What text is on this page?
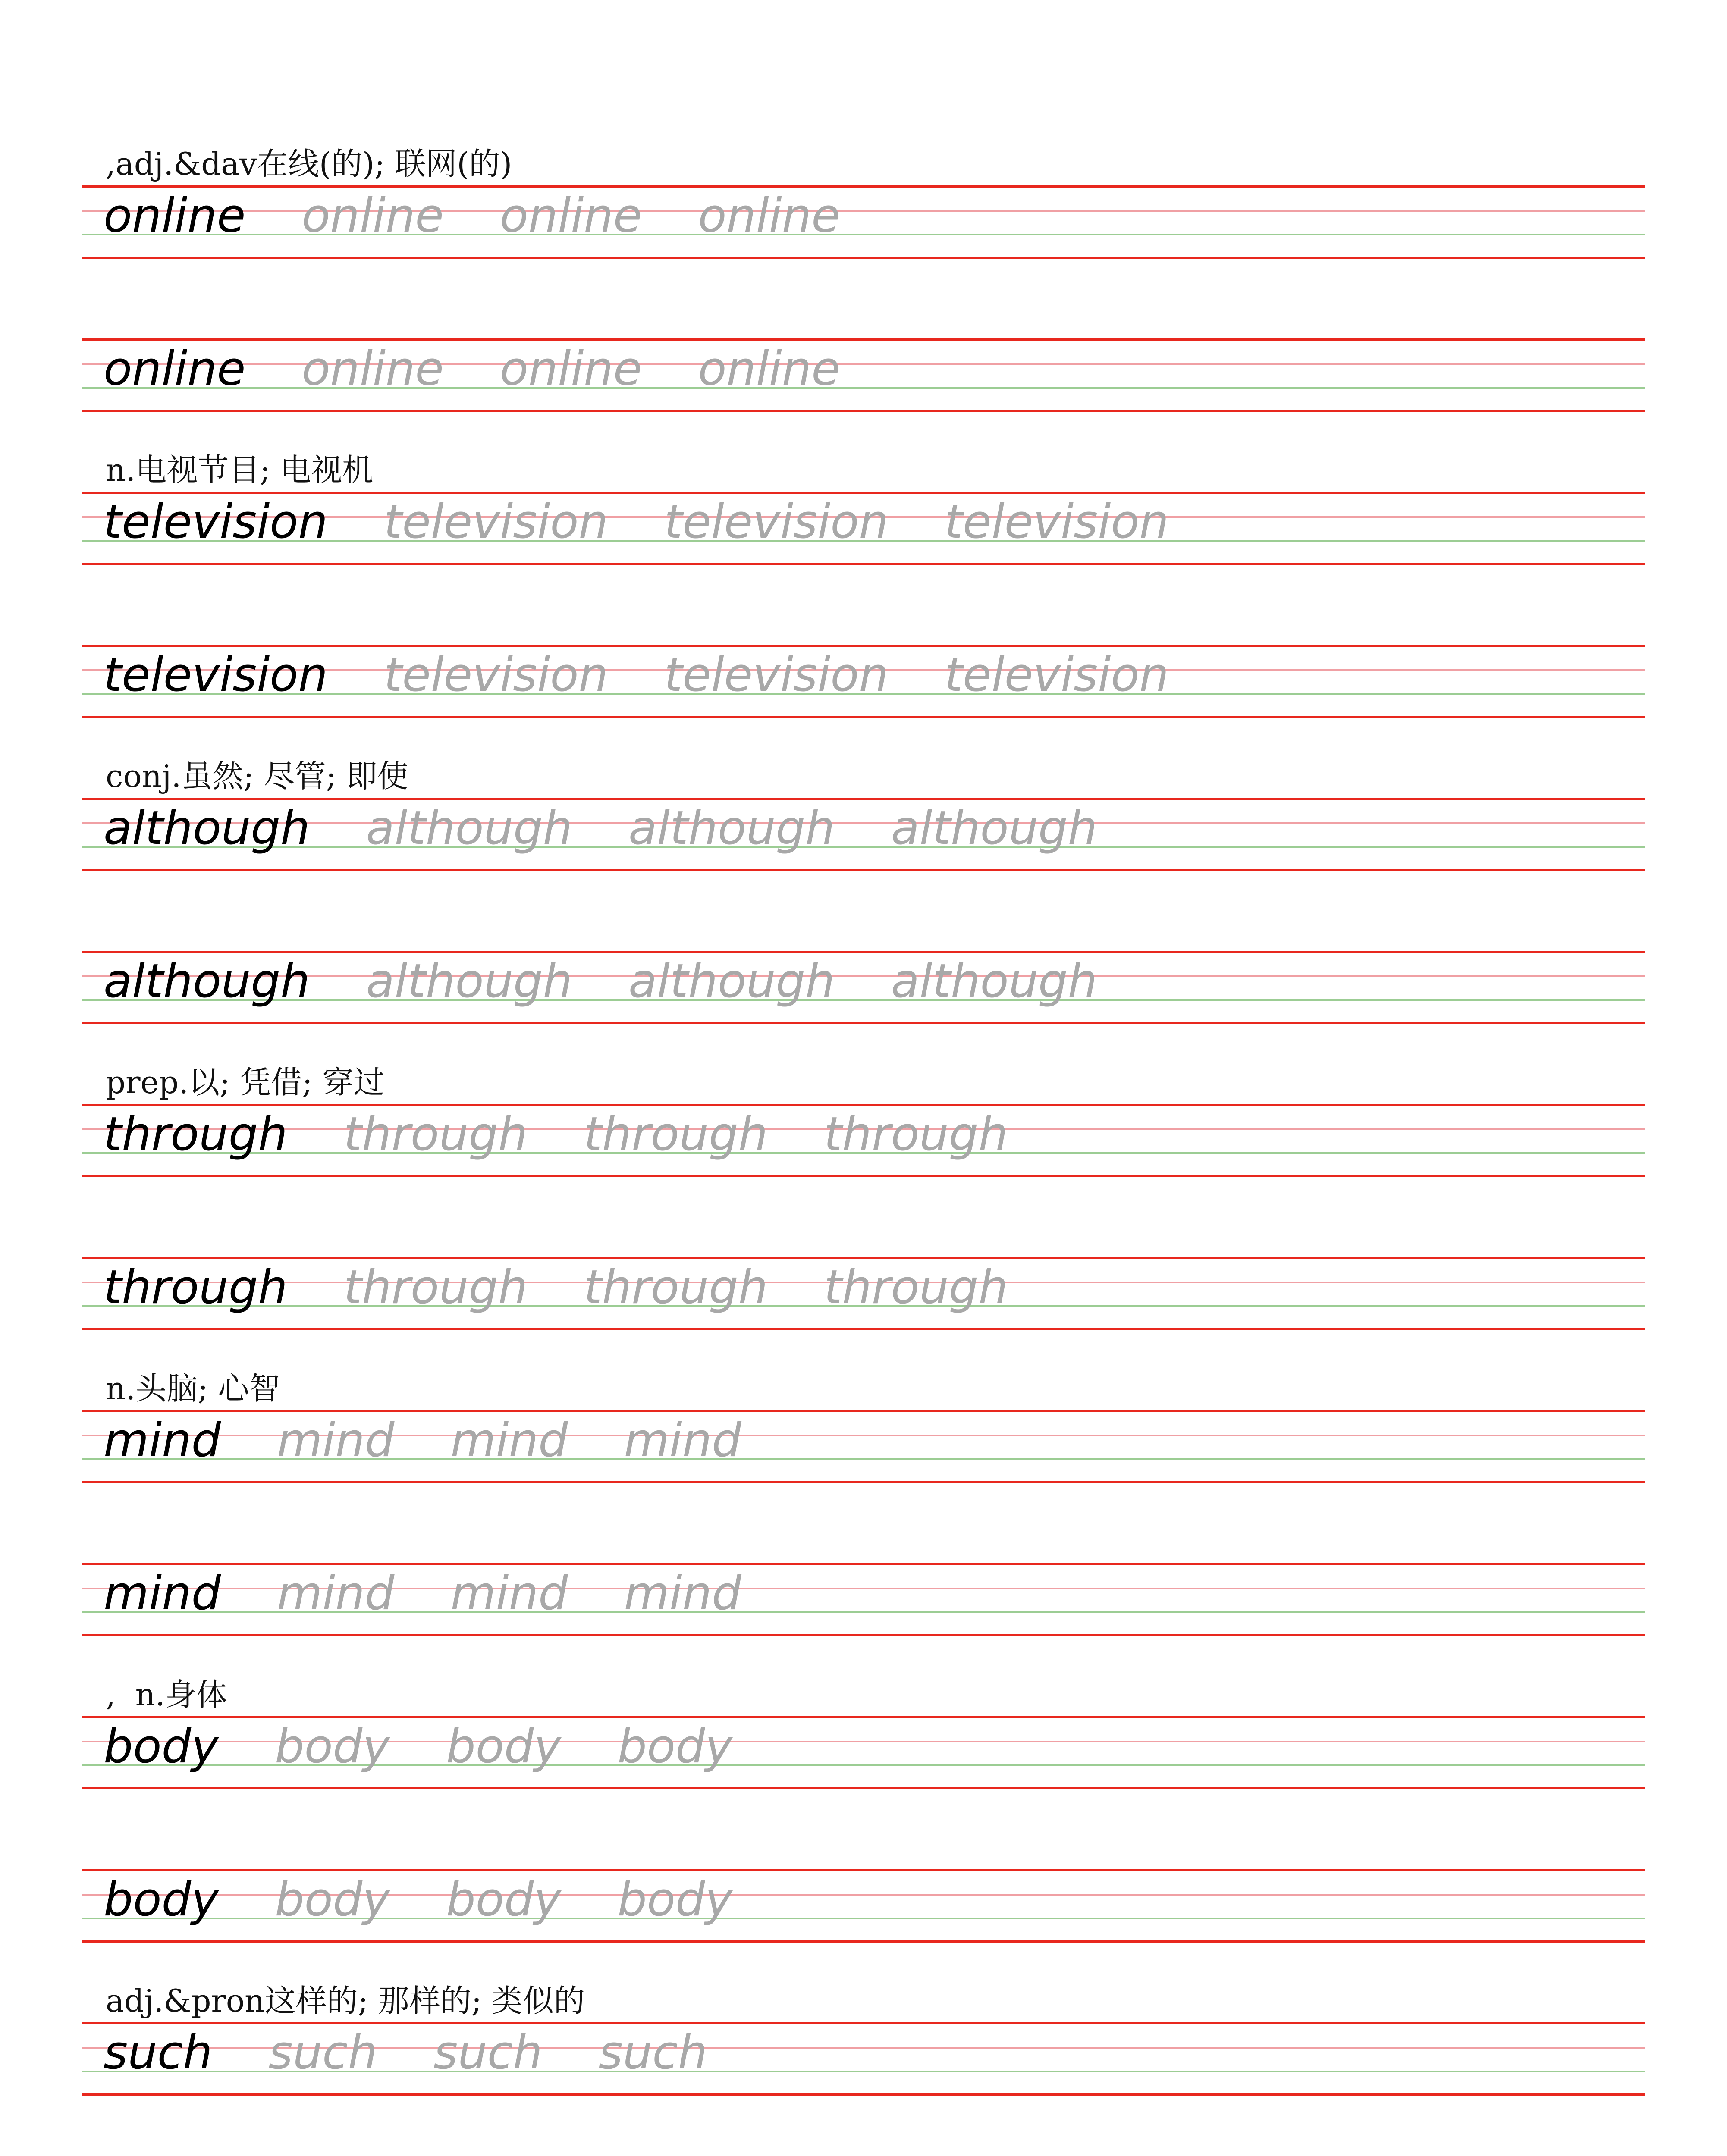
,adj.&dav在线(的); 联网(的)
online online online online
online online online online
n.电视节目; 电视机
television television television television
television television television television
conj.虽然; 尽管; 即使
although although although although
although although although although
prep.以; 凭借; 穿过
through through through through
through through through through
n.头脑; 心智
mind mind mind mind
mind mind mind mind
,  n.身体
body body body body
body body body body
adj.&pron这样的; 那样的; 类似的
such such such such
